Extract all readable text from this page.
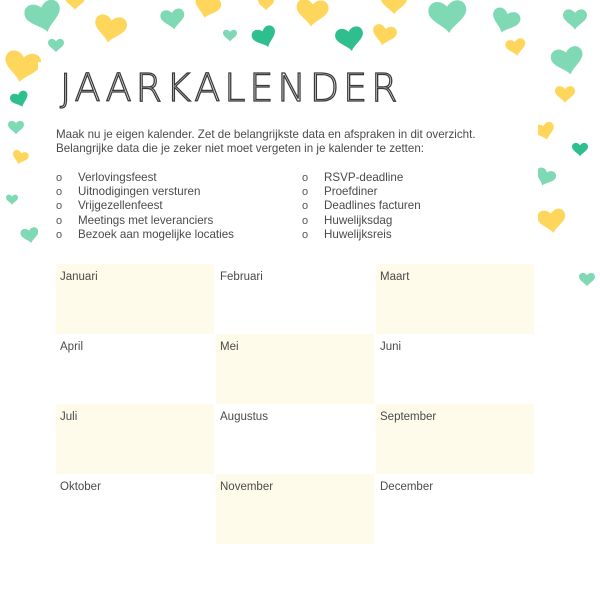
JAARKALENDER
Maak nu je eigen kalender. Zet de belangrijkste data en afspraken in dit overzicht.
Belangrijke data die je zeker niet moet vergeten in je kalender te zetten:
o Verlovingsfeest
o Uitnodigingen versturen
o Vrijgezellenfeest
o Meetings met leveranciers
o Bezoek aan mogelijke locaties
o RSVP-deadline
o Proefdiner
o Deadlines facturen
o Huwelijksdag
o Huwelijksreis
Januari	Februari	Maart
April	Mei	Juni
Juli	Augustus	September
Oktober	November	December
